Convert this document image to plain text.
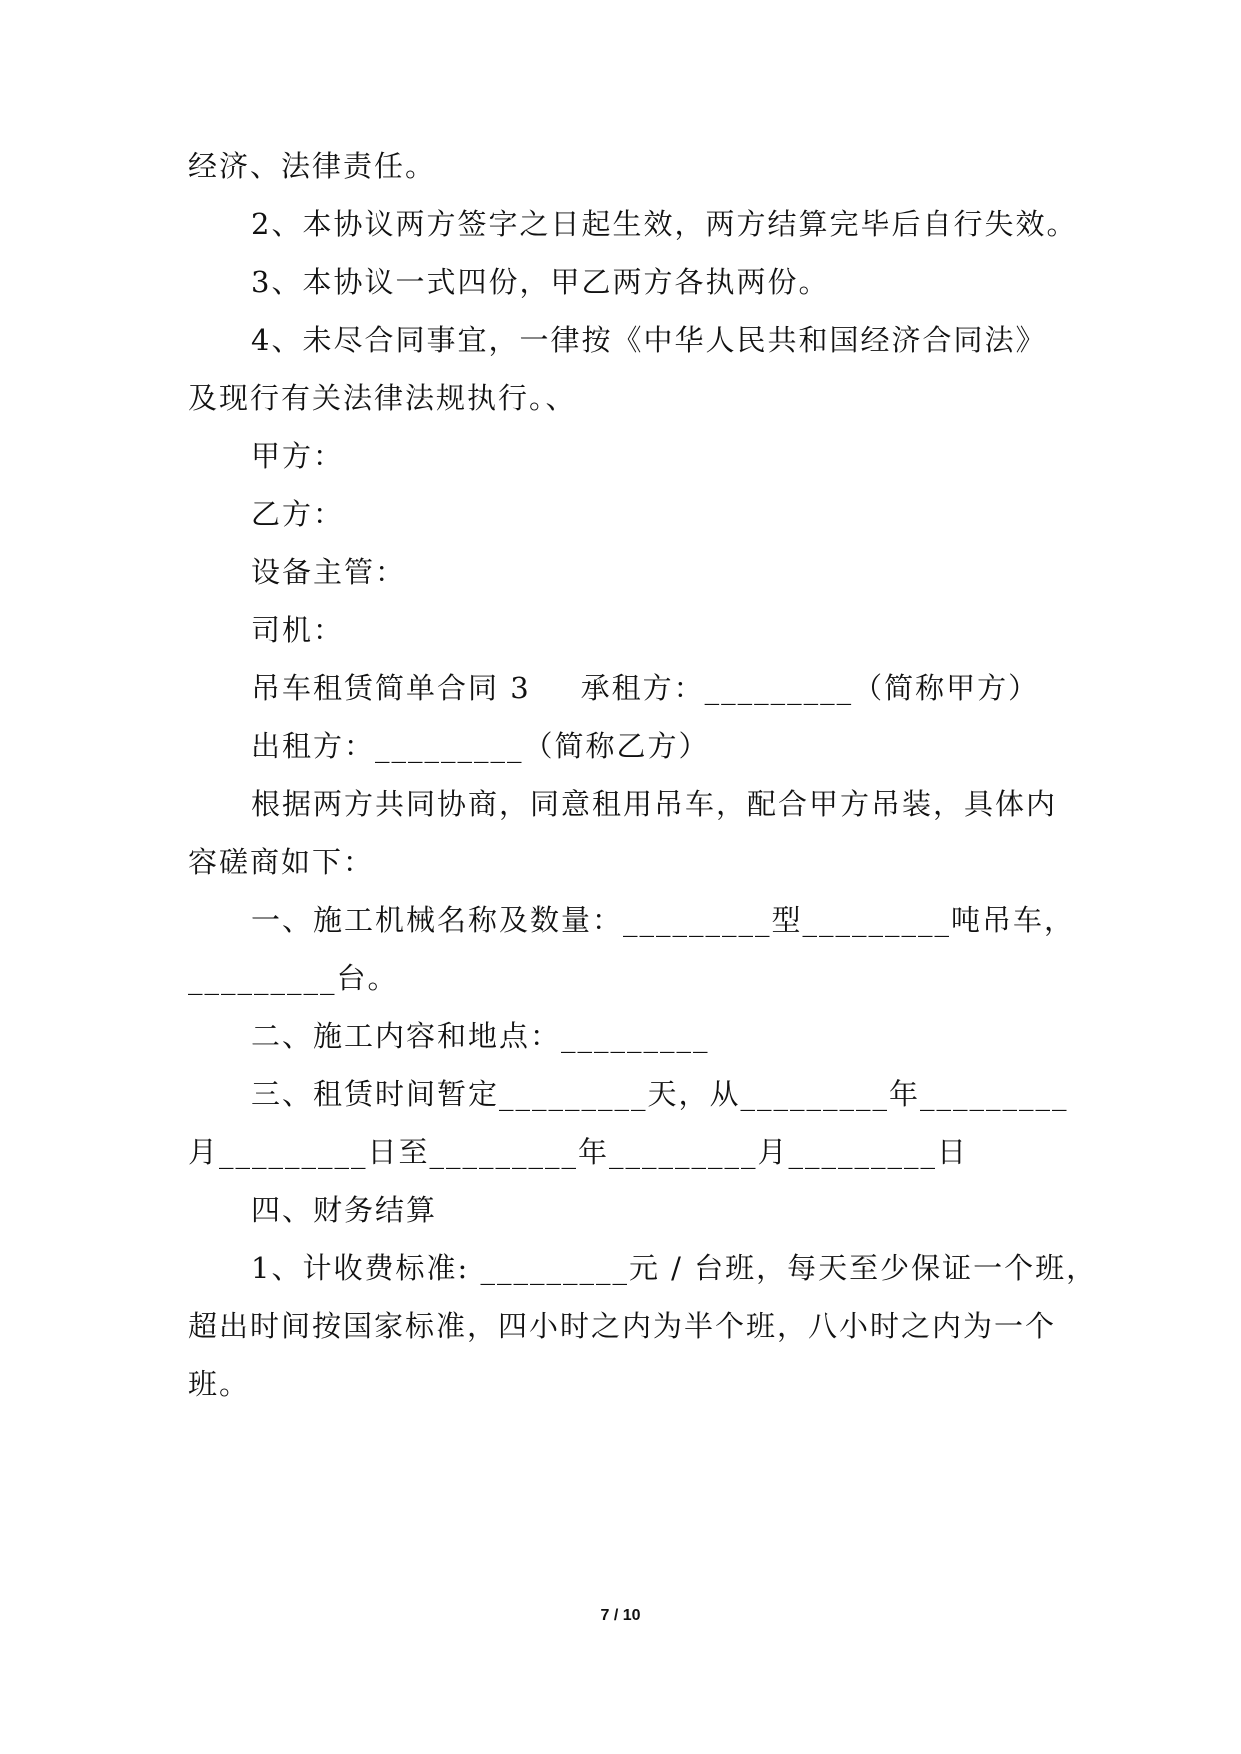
经济、法律责任。
2、本协议两方签字之日起生效，两方结算完毕后自行失效。
3、本协议一式四份，甲乙两方各执两份。
4、未尽合同事宜，一律按《中华人民共和国经济合同法》
及现行有关法律法规执行。、
甲方：
乙方：
设备主管：
司机：
吊车租赁简单合同 3 承租方：_________（简称甲方）
出租方：_________（简称乙方）
根据两方共同协商，同意租用吊车，配合甲方吊装，具体内
容磋商如下：
一、施工机械名称及数量：_________型_________吨吊车，
_________台。
二、施工内容和地点：_________
三、租赁时间暂定_________天，从_________年_________
月_________日至_________年_________月_________日
四、财务结算
1、计收费标准: _________元 / 台班，每天至少保证一个班，
超出时间按国家标准，四小时之内为半个班，八小时之内为一个
班。
7 / 10
